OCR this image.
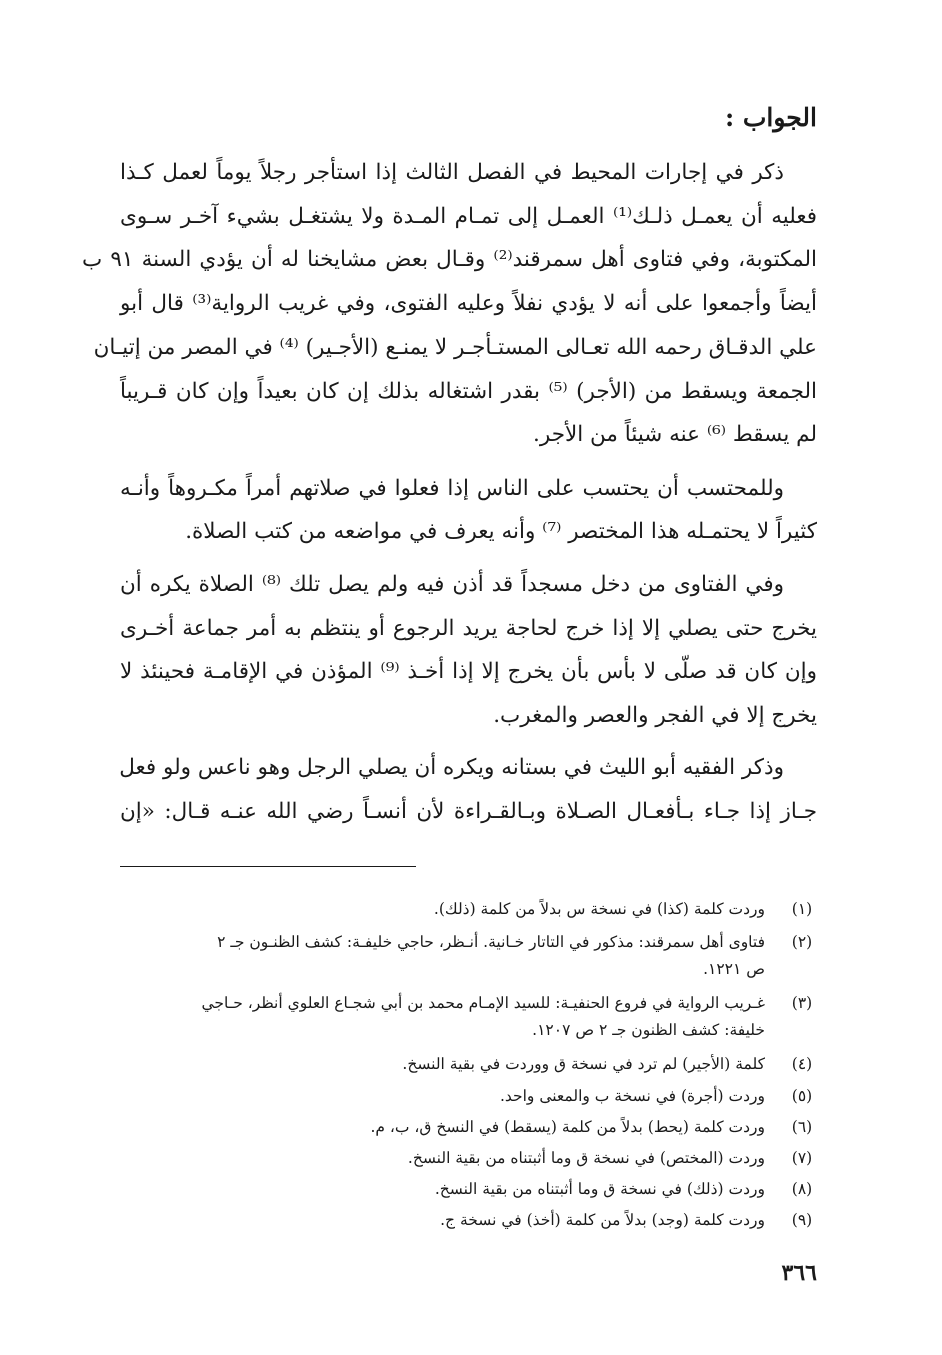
الجواب :
ذكر في إجارات المحيط في الفصل الثالث إذا استأجر رجلاً يوماً لعمل كـذا
فعليه أن يعمـل ذلـك⁽¹⁾ العمـل إلى تمـام المـدة ولا يشتغـل بشيء آخـر سـوى
المكتوبة، وفي فتاوى أهل سمرقند⁽²⁾ وقـال بعض مشايخنا له أن يؤدي السنة ٩١ ب
أيضاً وأجمعوا على أنه لا يؤدي نفلاً وعليه الفتوى، وفي غريب الرواية⁽³⁾ قال أبو
علي الدقـاق رحمه الله تعـالى المستـأجـر لا يمنـع (الأجـير) ⁽⁴⁾ في المصر من إتيـان
الجمعة ويسقط من (الأجر) ⁽⁵⁾ بقدر اشتغاله بذلك إن كان بعيداً وإن كان قـريباً
لم يسقط ⁽⁶⁾ عنه شيئاً من الأجر.
وللمحتسب أن يحتسب على الناس إذا فعلوا في صلاتهم أمراً مكـروهاً وأنـه
كثيراً لا يحتمـله هذا المختصر ⁽⁷⁾ وأنه يعرف في مواضعه من كتب الصلاة.
وفي الفتاوى من دخل مسجداً قد أذن فيه ولم يصل تلك ⁽⁸⁾ الصلاة يكره أن
يخرج حتى يصلي إلا إذا خرج لحاجة يريد الرجوع أو ينتظم به أمر جماعة أخـرى
وإن كان قد صلّى لا بأس بأن يخرج إلا إذا أخـذ ⁽⁹⁾ المؤذن في الإقامـة فحينئذ لا
يخرج إلا في الفجر والعصر والمغرب.
وذكر الفقيه أبو الليث في بستانه ويكره أن يصلي الرجل وهو ناعس ولو فعل
جـاز إذا جـاء بـأفعـال الصـلاة وبـالقـراءة لأن أنسـاً رضي الله عنـه قـال: «إن
(١)
وردت كلمة (كذا) في نسخة س بدلاً من كلمة (ذلك).
(٢)
فتاوى أهل سمرقند: مذكور في التاتار خـانية. أنـظر، حاجي خليفـة: كشف الظنـون جـ ٢
ص ١٢٢١.
(٣)
غـريب الرواية في فروع الحنفيـة: للسيد الإمـام محمد بن أبي شجـاع العلوي أنظر، حـاجي
خليفة: كشف الظنون جـ ٢ ص ١٢٠٧.
(٤)
كلمة (الأجير) لم ترد في نسخة ق ووردت في بقية النسخ.
(٥)
وردت (أجرة) في نسخة ب والمعنى واحد.
(٦)
وردت كلمة (يحط) بدلاً من كلمة (يسقط) في النسخ ق، ب، م.
(٧)
وردت (المختص) في نسخة ق وما أثبتناه من بقية النسخ.
(٨)
وردت (ذلك) في نسخة ق وما أثبتناه من بقية النسخ.
(٩)
وردت كلمة (وجد) بدلاً من كلمة (أخذ) في نسخة ج.
٣٦٦
